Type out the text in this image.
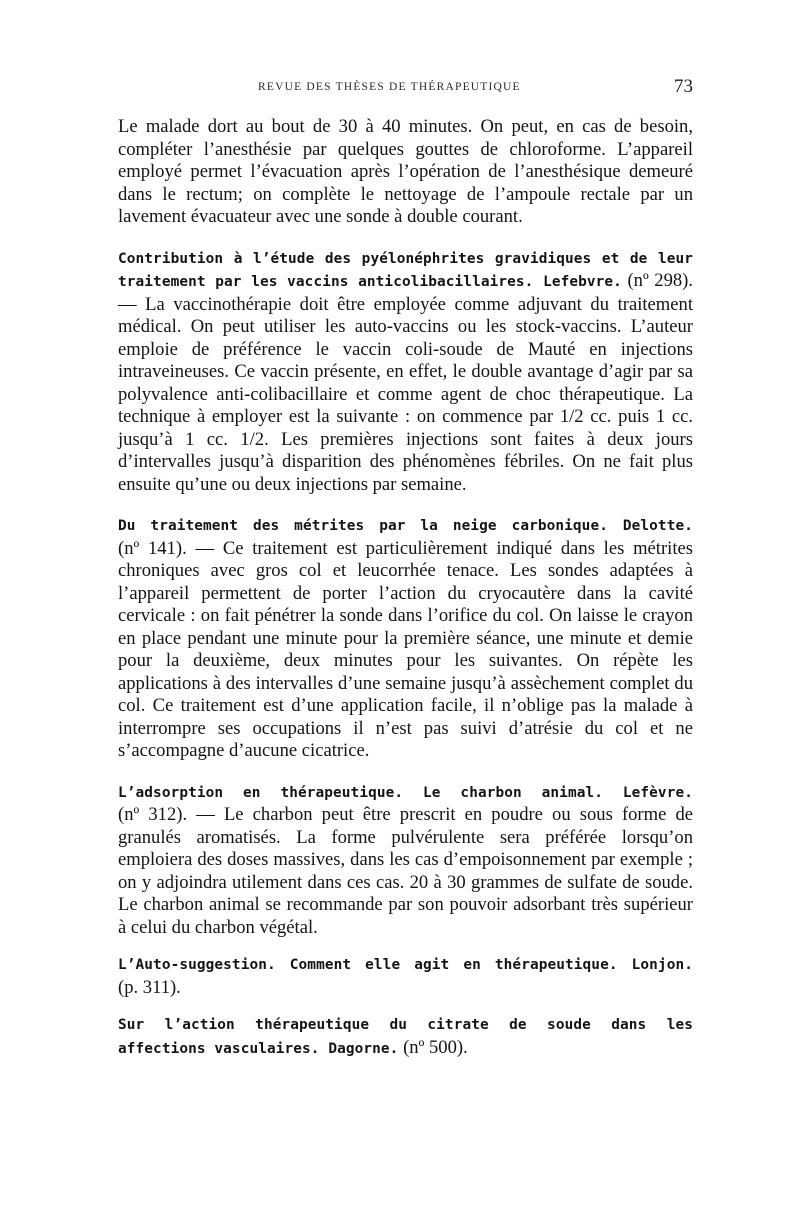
REVUE DES THÈSES DE THÉRAPEUTIQUE	73

Le malade dort au bout de 30 à 40 minutes. On peut, en cas de besoin, compléter l’anesthésie par quelques gouttes de chloroforme. L’appareil employé permet l’évacuation après l’opération de l’anesthésique demeuré dans le rectum; on complète le nettoyage de l’ampoule rectale par un lavement évacuateur avec une sonde à double courant.

Contribution à l’étude des pyélonéphrites gravidiques et de leur traitement par les vaccins anticolibacillaires. Lefebvre. (nº 298). — La vaccinothérapie doit être employée comme adjuvant du traitement médical. On peut utiliser les auto-vaccins ou les stock-vaccins. L’auteur emploie de préférence le vaccin coli-soude de Mauté en injections intraveineuses. Ce vaccin présente, en effet, le double avantage d’agir par sa polyvalence anti-colibacillaire et comme agent de choc thérapeutique. La technique à employer est la suivante : on commence par 1/2 cc. puis 1 cc. jusqu’à 1 cc. 1/2. Les premières injections sont faites à deux jours d’intervalles jusqu’à disparition des phénomènes fébriles. On ne fait plus ensuite qu’une ou deux injections par semaine.

Du traitement des métrites par la neige carbonique. Delotte. (nº 141). — Ce traitement est particulièrement indiqué dans les métrites chroniques avec gros col et leucorrhée tenace. Les sondes adaptées à l’appareil permettent de porter l’action du cryocautère dans la cavité cervicale : on fait pénétrer la sonde dans l’orifice du col. On laisse le crayon en place pendant une minute pour la première séance, une minute et demie pour la deuxième, deux minutes pour les suivantes. On répète les applications à des intervalles d’une semaine jusqu’à assèchement complet du col. Ce traitement est d’une application facile, il n’oblige pas la malade à interrompre ses occupations il n’est pas suivi d’atrésie du col et ne s’accompagne d’aucune cicatrice.

L’adsorption en thérapeutique. Le charbon animal. Lefèvre. (nº 312). — Le charbon peut être prescrit en poudre ou sous forme de granulés aromatisés. La forme pulvérulente sera préférée lorsqu’on emploiera des doses massives, dans les cas d’empoisonnement par exemple ; on y adjoindra utilement dans ces cas. 20 à 30 grammes de sulfate de soude. Le charbon animal se recommande par son pouvoir adsorbant très supérieur à celui du charbon végétal.

L’Auto-suggestion. Comment elle agit en thérapeutique. Lonjon. (p. 311).

Sur l’action thérapeutique du citrate de soude dans les affections vasculaires. Dagorne. (nº 500).
